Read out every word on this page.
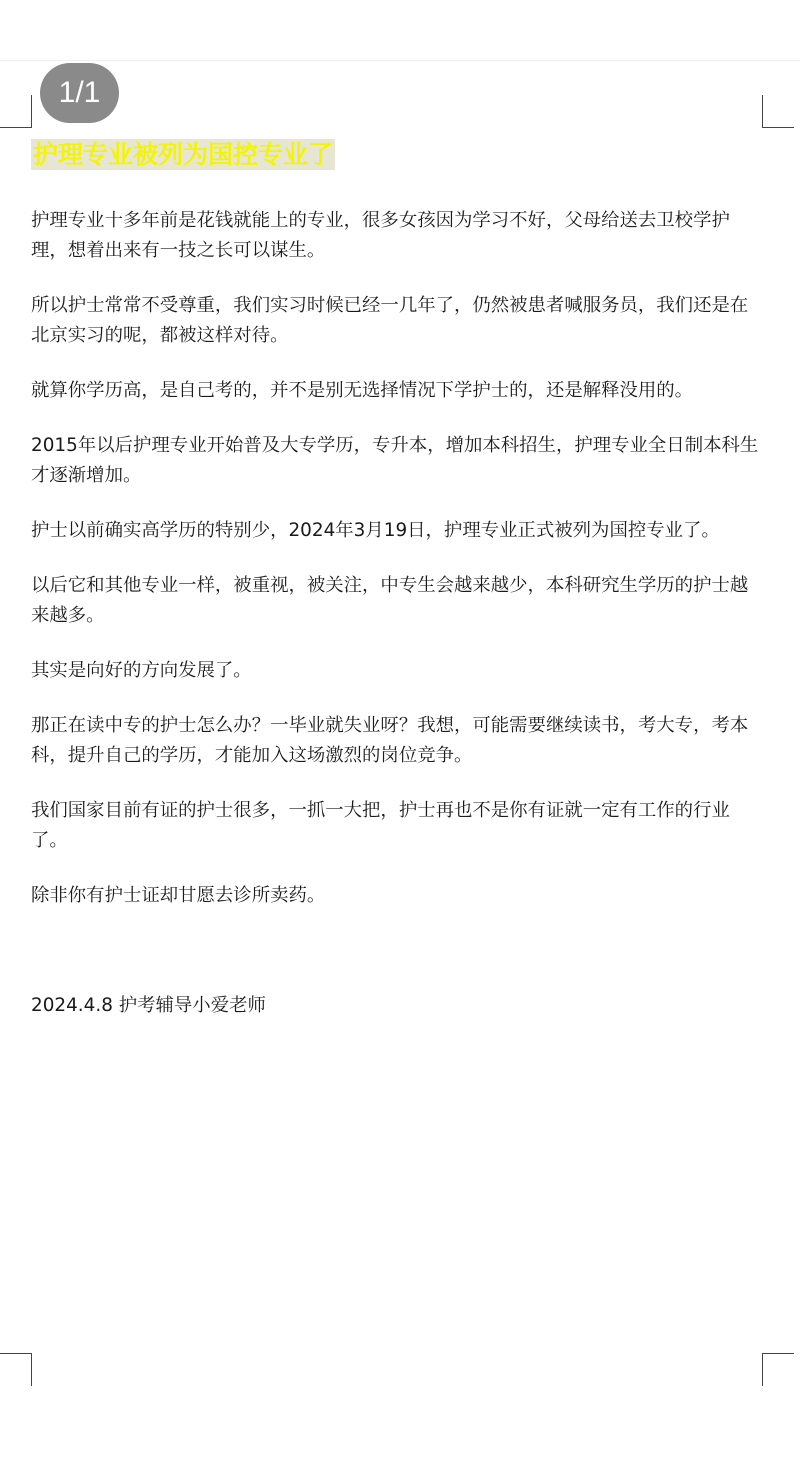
1/1
护理专业被列为国控专业了

护理专业十多年前是花钱就能上的专业，很多女孩因为学习不好，父母给送去卫校学护理，想着出来有一技之长可以谋生。

所以护士常常不受尊重，我们实习时候已经一几年了，仍然被患者喊服务员，我们还是在北京实习的呢，都被这样对待。

就算你学历高，是自己考的，并不是别无选择情况下学护士的，还是解释没用的。

2015年以后护理专业开始普及大专学历，专升本，增加本科招生，护理专业全日制本科生才逐渐增加。

护士以前确实高学历的特别少，2024年3月19日，护理专业正式被列为国控专业了。

以后它和其他专业一样，被重视，被关注，中专生会越来越少，本科研究生学历的护士越来越多。

其实是向好的方向发展了。

那正在读中专的护士怎么办？一毕业就失业呀？我想，可能需要继续读书，考大专，考本科，提升自己的学历，才能加入这场激烈的岗位竞争。

我们国家目前有证的护士很多，一抓一大把，护士再也不是你有证就一定有工作的行业了。

除非你有护士证却甘愿去诊所卖药。

2024.4.8 护考辅导小爱老师
